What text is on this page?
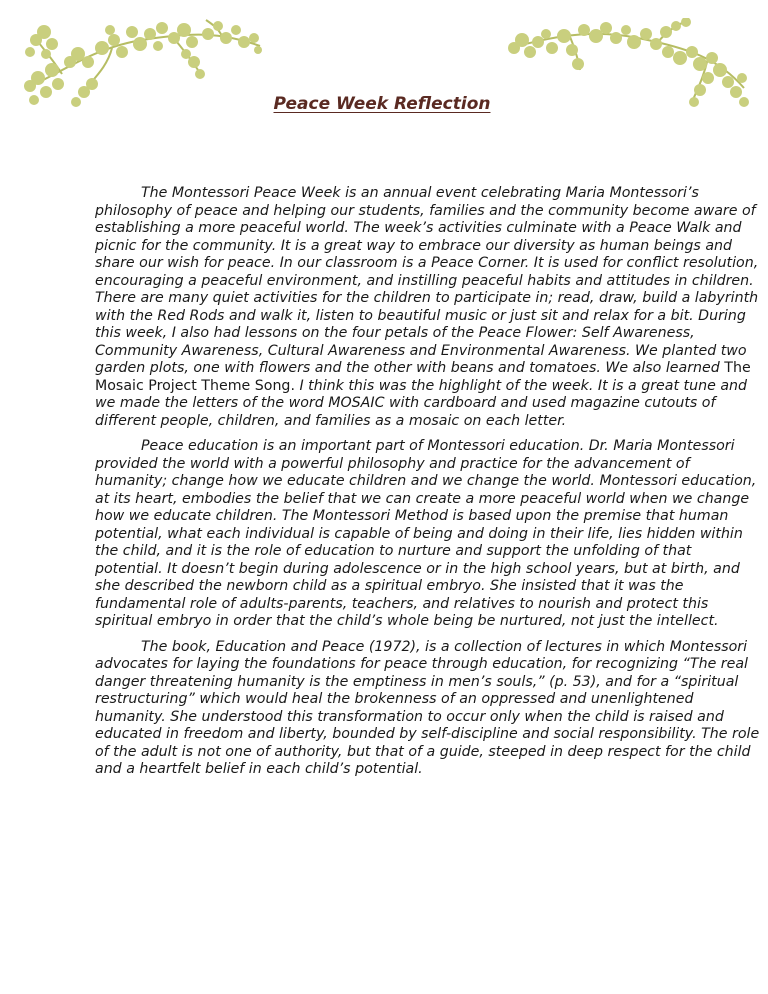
Peace Week Reflection

The Montessori Peace Week is an annual event celebrating Maria Montessori’s philosophy of peace and helping our students, families and the community become aware of establishing a more peaceful world. The week’s activities culminate with a Peace Walk and picnic for the community. It is a great way to embrace our diversity as human beings and share our wish for peace. In our classroom is a Peace Corner. It is used for conflict resolution, encouraging a peaceful environment, and instilling peaceful habits and attitudes in children. There are many quiet activities for the children to participate in; read, draw, build a labyrinth with the Red Rods and walk it, listen to beautiful music or just sit and relax for a bit. During this week, I also had lessons on the four petals of the Peace Flower: Self Awareness, Community Awareness, Cultural Awareness and Environmental Awareness. We planted two garden plots, one with flowers and the other with beans and tomatoes. We also learned The Mosaic Project Theme Song. I think this was the highlight of the week. It is a great tune and we made the letters of the word MOSAIC with cardboard and used magazine cutouts of different people, children, and families as a mosaic on each letter.

Peace education is an important part of Montessori education. Dr. Maria Montessori provided the world with a powerful philosophy and practice for the advancement of humanity; change how we educate children and we change the world. Montessori education, at its heart, embodies the belief that we can create a more peaceful world when we change how we educate children. The Montessori Method is based upon the premise that human potential, what each individual is capable of being and doing in their life, lies hidden within the child, and it is the role of education to nurture and support the unfolding of that potential. It doesn’t begin during adolescence or in the high school years, but at birth, and she described the newborn child as a spiritual embryo. She insisted that it was the fundamental role of adults-parents, teachers, and relatives to nourish and protect this spiritual embryo in order that the child’s whole being be nurtured, not just the intellect.

The book, Education and Peace (1972), is a collection of lectures in which Montessori advocates for laying the foundations for peace through education, for recognizing “The real danger threatening humanity is the emptiness in men’s souls,” (p. 53), and for a “spiritual restructuring” which would heal the brokenness of an oppressed and unenlightened humanity. She understood this transformation to occur only when the child is raised and educated in freedom and liberty, bounded by self-discipline and social responsibility. The role of the adult is not one of authority, but that of a guide, steeped in deep respect for the child and a heartfelt belief in each child’s potential.
